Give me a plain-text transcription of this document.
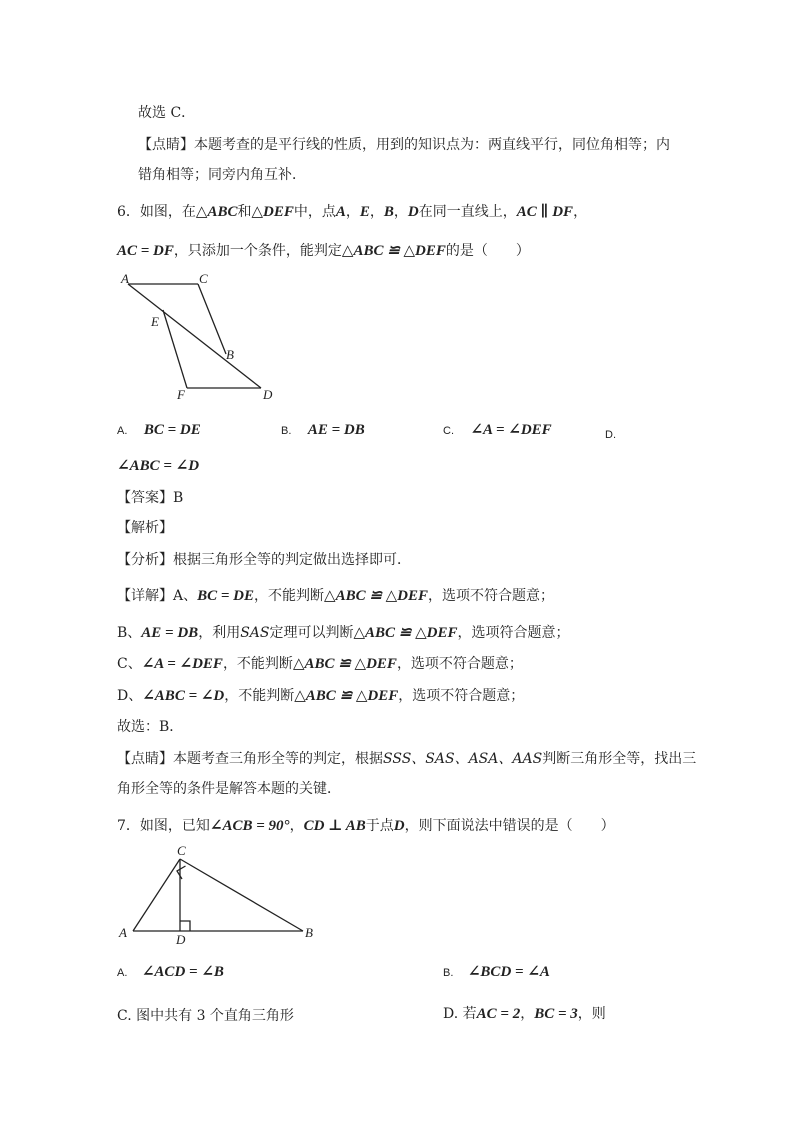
故选 C．
【点睛】本题考查的是平行线的性质，用到的知识点为：两直线平行，同位角相等；内
错角相等；同旁内角互补．
6．如图，在△ABC和△DEF中，点A，E，B，D在同一直线上，AC ∥ DF，
AC = DF，只添加一个条件，能判定△ABC ≌ △DEF的是（　　）
A	C
E
B
F	D
A. BC = DE	B. AE = DB	C. ∠A = ∠DEF	D.
∠ABC = ∠D
【答案】B
【解析】
【分析】根据三角形全等的判定做出选择即可．
【详解】A、BC = DE，不能判断△ABC ≌ △DEF，选项不符合题意；
B、AE = DB，利用SAS定理可以判断△ABC ≌ △DEF，选项符合题意；
C、∠A = ∠DEF，不能判断△ABC ≌ △DEF，选项不符合题意；
D、∠ABC = ∠D，不能判断△ABC ≌ △DEF，选项不符合题意；
故选：B．
【点睛】本题考查三角形全等的判定，根据SSS、SAS、ASA、AAS判断三角形全等，找出三
角形全等的条件是解答本题的关键．
7．如图，已知∠ACB = 90°，CD ⊥ AB于点D，则下面说法中错误的是（　　）
C
A	D	B
A. ∠ACD = ∠B	B. ∠BCD = ∠A
C. 图中共有 3 个直角三角形	D. 若AC = 2，BC = 3，则
